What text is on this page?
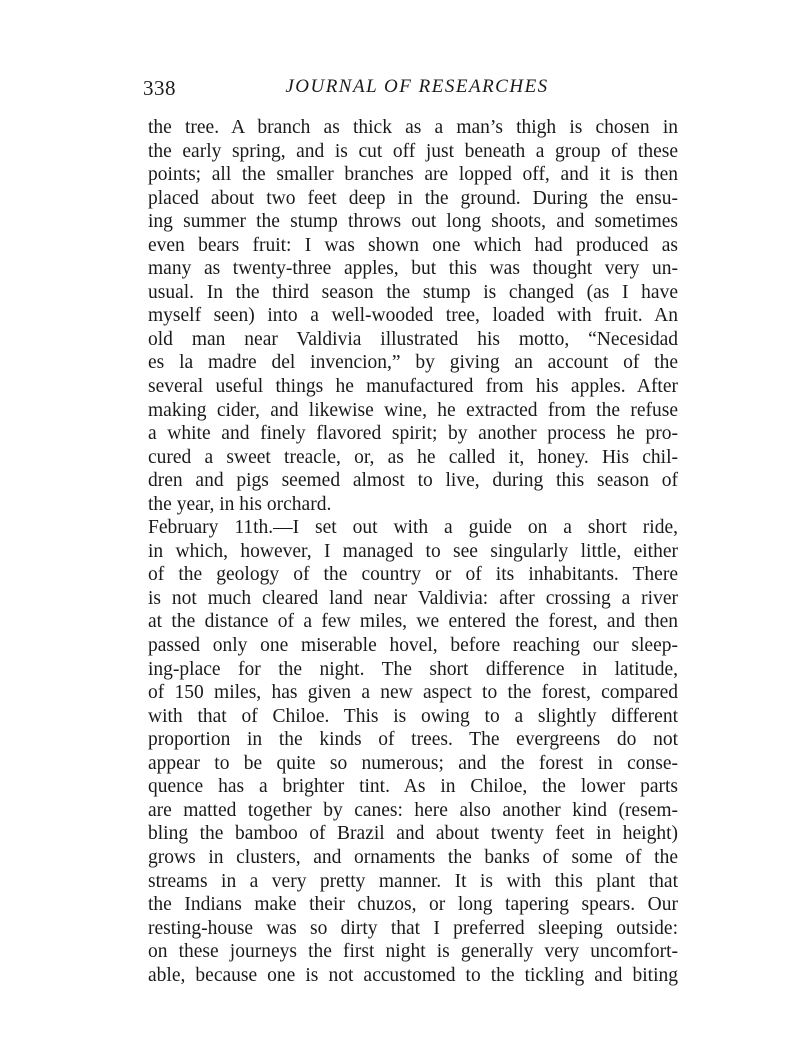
338	JOURNAL OF RESEARCHES
the tree. A branch as thick as a man’s thigh is chosen in
the early spring, and is cut off just beneath a group of these
points; all the smaller branches are lopped off, and it is then
placed about two feet deep in the ground. During the ensu-
ing summer the stump throws out long shoots, and sometimes
even bears fruit: I was shown one which had produced as
many as twenty-three apples, but this was thought very un-
usual. In the third season the stump is changed (as I have
myself seen) into a well-wooded tree, loaded with fruit. An
old man near Valdivia illustrated his motto, “Necesidad
es la madre del invencion,” by giving an account of the
several useful things he manufactured from his apples. After
making cider, and likewise wine, he extracted from the refuse
a white and finely flavored spirit; by another process he pro-
cured a sweet treacle, or, as he called it, honey. His chil-
dren and pigs seemed almost to live, during this season of
the year, in his orchard.
February 11th.—I set out with a guide on a short ride,
in which, however, I managed to see singularly little, either
of the geology of the country or of its inhabitants. There
is not much cleared land near Valdivia: after crossing a river
at the distance of a few miles, we entered the forest, and then
passed only one miserable hovel, before reaching our sleep-
ing-place for the night. The short difference in latitude,
of 150 miles, has given a new aspect to the forest, compared
with that of Chiloe. This is owing to a slightly different
proportion in the kinds of trees. The evergreens do not
appear to be quite so numerous; and the forest in conse-
quence has a brighter tint. As in Chiloe, the lower parts
are matted together by canes: here also another kind (resem-
bling the bamboo of Brazil and about twenty feet in height)
grows in clusters, and ornaments the banks of some of the
streams in a very pretty manner. It is with this plant that
the Indians make their chuzos, or long tapering spears. Our
resting-house was so dirty that I preferred sleeping outside:
on these journeys the first night is generally very uncomfort-
able, because one is not accustomed to the tickling and biting
